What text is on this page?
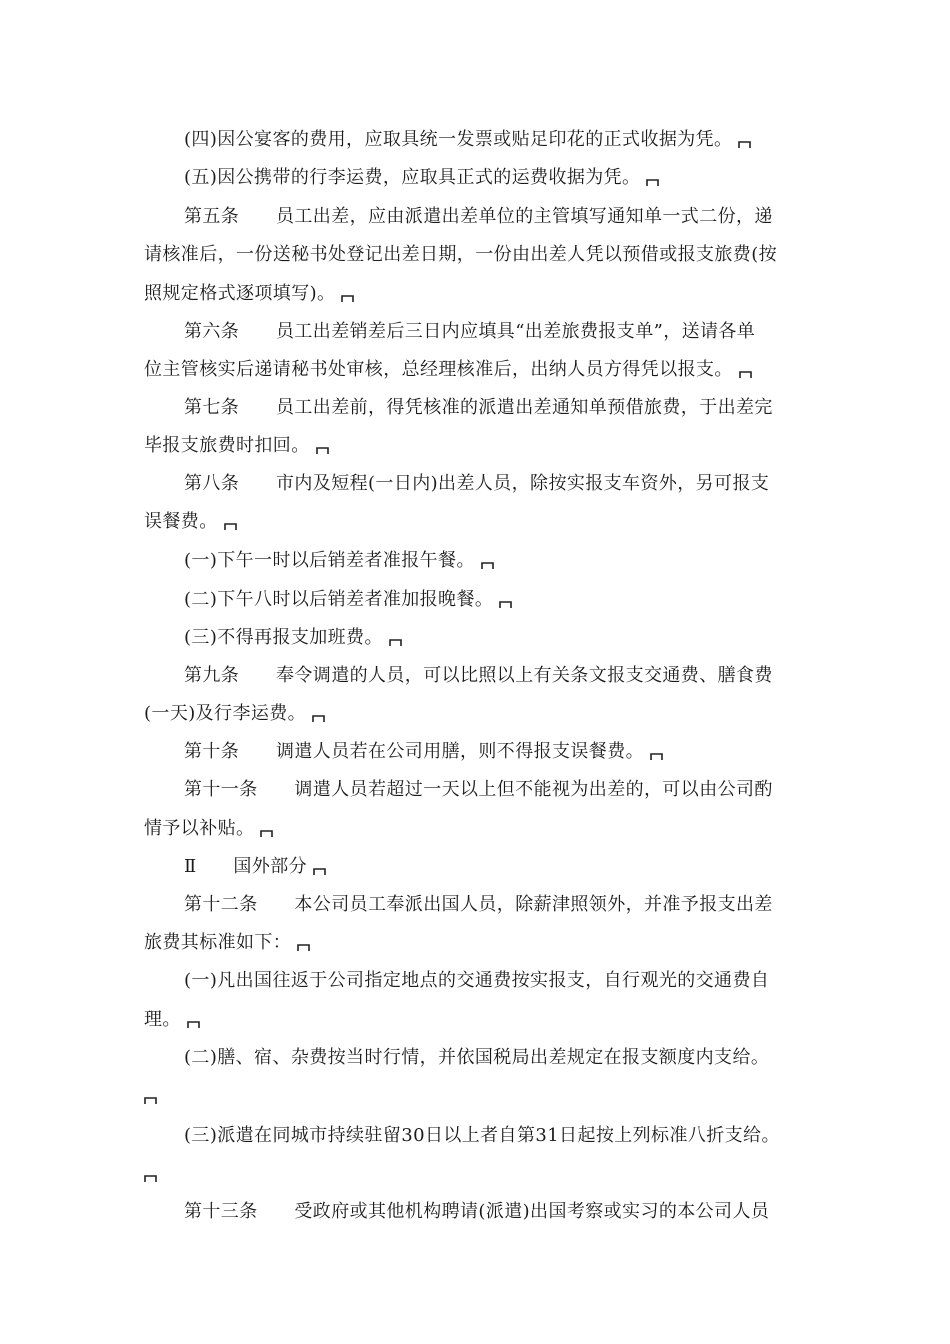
(四)因公宴客的费用，应取具统一发票或贴足印花的正式收据为凭。
(五)因公携带的行李运费，应取具正式的运费收据为凭。
第五条　　员工出差，应由派遣出差单位的主管填写通知单一式二份，递
请核准后，一份送秘书处登记出差日期，一份由出差人凭以预借或报支旅费(按
照规定格式逐项填写)。
第六条　　员工出差销差后三日内应填具“出差旅费报支单”，送请各单
位主管核实后递请秘书处审核，总经理核准后，出纳人员方得凭以报支。
第七条　　员工出差前，得凭核准的派遣出差通知单预借旅费，于出差完
毕报支旅费时扣回。
第八条　　市内及短程(一日内)出差人员，除按实报支车资外，另可报支
误餐费。
(一)下午一时以后销差者准报午餐。
(二)下午八时以后销差者准加报晚餐。
(三)不得再报支加班费。
第九条　　奉令调遣的人员，可以比照以上有关条文报支交通费、膳食费
(一天)及行李运费。
第十条　　调遣人员若在公司用膳，则不得报支误餐费。
第十一条　　调遣人员若超过一天以上但不能视为出差的，可以由公司酌
情予以补贴。
Ⅱ　　国外部分
第十二条　　本公司员工奉派出国人员，除薪津照领外，并准予报支出差
旅费其标准如下：
(一)凡出国往返于公司指定地点的交通费按实报支，自行观光的交通费自
理。
(二)膳、宿、杂费按当时行情，并依国税局出差规定在报支额度内支给。
(三)派遣在同城市持续驻留30日以上者自第31日起按上列标准八折支给。
第十三条　　受政府或其他机构聘请(派遣)出国考察或实习的本公司人员
